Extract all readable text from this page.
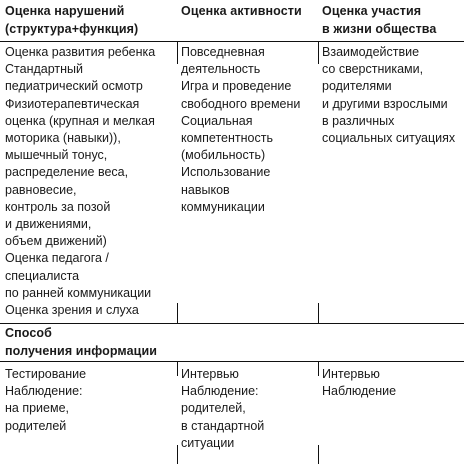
Оценка нарушений
(структура+функция)
Оценка активности	Оценка участия
в жизни общества
Оценка развития ребенка
Стандартный
педиатрический осмотр
Физиотерапевтическая
оценка (крупная и мелкая
моторика (навыки)),
мышечный тонус,
распределение веса,
равновесие,
контроль за позой
и движениями,
объем движений)
Оценка педагога /
специалиста
по ранней коммуникации
Оценка зрения и слуха
Повседневная
деятельность
Игра и проведение
свободного времени
Социальная
компетентность
(мобильность)
Использование
навыков
коммуникации
Взаимодействие
со сверстниками,
родителями
и другими взрослыми
в различных
социальных ситуациях
Способ
получения информации
Тестирование
Наблюдение:
на приеме,
родителей
Интервью
Наблюдение:
родителей,
в стандартной
ситуации
Интервью
Наблюдение
